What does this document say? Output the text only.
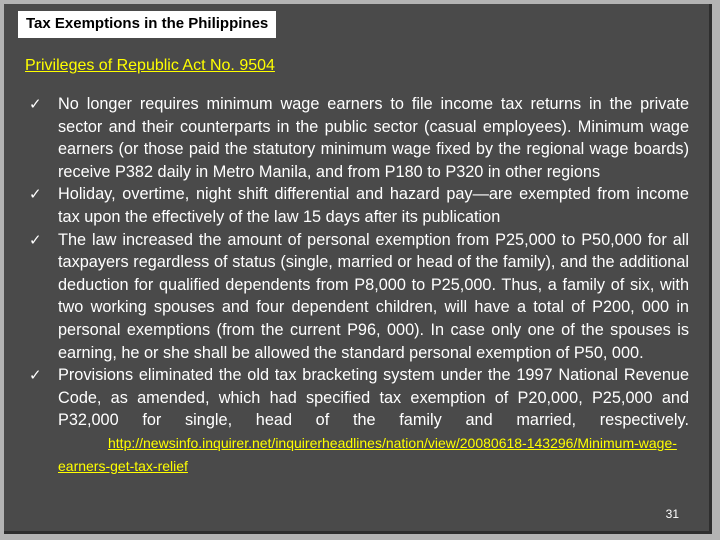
Tax Exemptions in the Philippines
Privileges of Republic Act No. 9504
✓ No longer requires minimum wage earners to file income tax returns in the private sector and their counterparts in the public sector (casual employees). Minimum wage earners (or those paid the statutory minimum wage fixed by the regional wage boards) receive P382 daily in Metro Manila, and from P180 to P320 in other regions
✓ Holiday, overtime, night shift differential and hazard pay—are exempted from income tax upon the effectively of the law 15 days after its publication
✓ The law increased the amount of personal exemption from P25,000 to P50,000 for all taxpayers regardless of status (single, married or head of the family), and the additional deduction for qualified dependents from P8,000 to P25,000. Thus, a family of six, with two working spouses and four dependent children, will have a total of P200, 000 in personal exemptions (from the current P96, 000). In case only one of the spouses is earning, he or she shall be allowed the standard personal exemption of P50, 000.
✓ Provisions eliminated the old tax bracketing system under the 1997 National Revenue Code, as amended, which had specified tax exemption of P20,000, P25,000 and P32,000 for single, head of the family and married, respectively. http://newsinfo.inquirer.net/inquirerheadlines/nation/view/20080618-143296/Minimum-wage-earners-get-tax-relief
31
